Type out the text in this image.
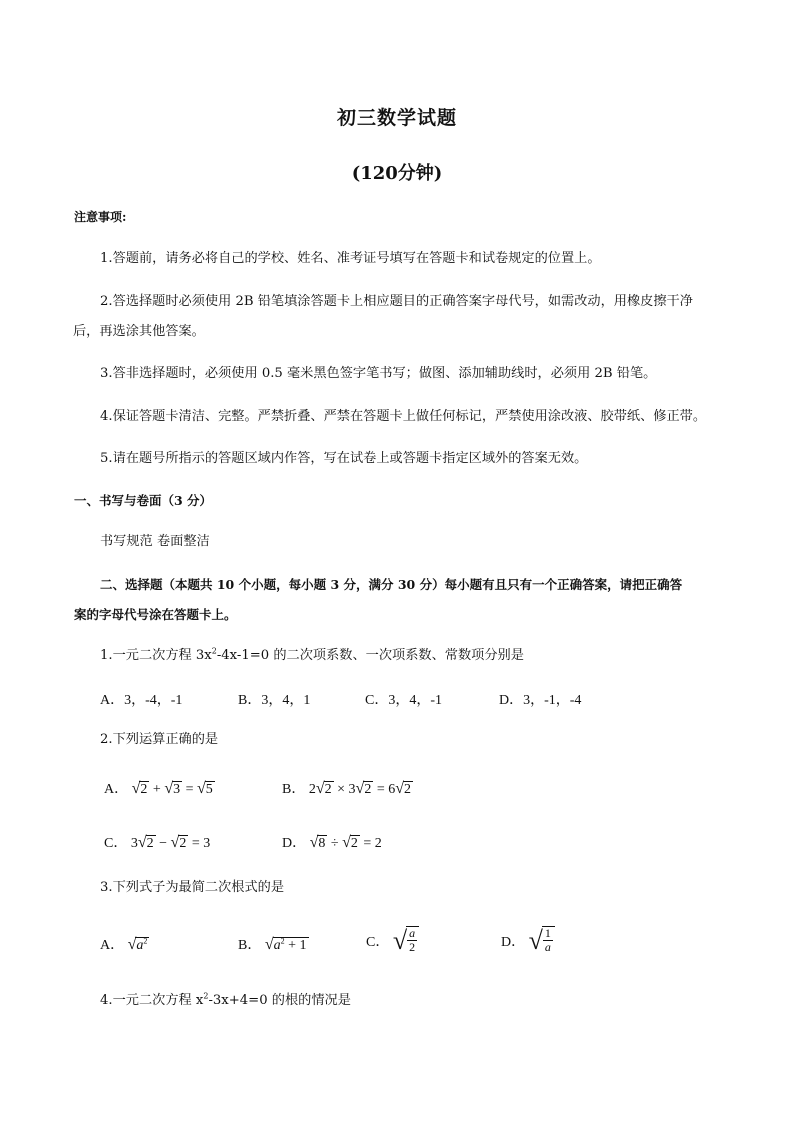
初三数学试题
(120分钟)
注意事项:
1.答题前，请务必将自己的学校、姓名、准考证号填写在答题卡和试卷规定的位置上。
2.答选择题时必须使用 2B 铅笔填涂答题卡上相应题目的正确答案字母代号，如需改动，用橡皮擦干净
后，再选涂其他答案。
3.答非选择题时，必须使用 0.5 毫米黑色签字笔书写；做图、添加辅助线时，必须用 2B 铅笔。
4.保证答题卡清洁、完整。严禁折叠、严禁在答题卡上做任何标记，严禁使用涂改液、胶带纸、修正带。
5.请在题号所指示的答题区域内作答，写在试卷上或答题卡指定区域外的答案无效。
一、书写与卷面（3 分）
书写规范 卷面整洁
二、选择题（本题共 10 个小题，每小题 3 分，满分 30 分）每小题有且只有一个正确答案，请把正确答
案的字母代号涂在答题卡上。
1.一元二次方程 $3x^2-4x-1=0$ 的二次项系数、一次项系数、常数项分别是
A．3，-4，-1	B．3，4，1	C．3，4，-1	D．3，-1，-4
2.下列运算正确的是
A． √ 2 + √ 3 = √ 5	B． 2 √ 2 × 3 √ 2 = 6 √ 2
C． 3 √ 2 − √ 2 = 3	D． √ 8 ÷ √ 2 = 2
3.下列式子为最简二次根式的是
A． √ $a^2$	B． √ $a^2 + 1$	C． √ $\frac{a}{2}$	D． √ $\frac{1}{a}$
4.一元二次方程 $x^2-3x+4=0$ 的根的情况是
